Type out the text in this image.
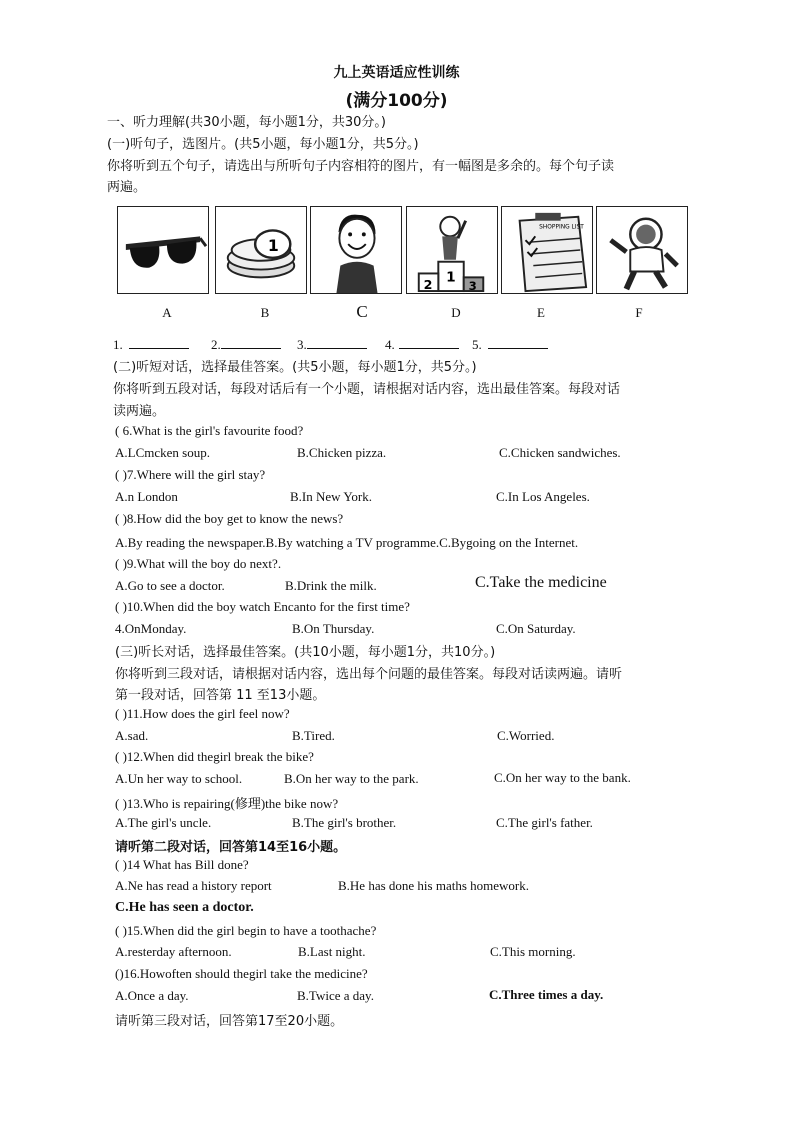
九上英语适应性训练
(满分100分)
一、听力理解(共30小题，每小题1分，共30分。)
(一)听句子，选图片。(共5小题，每小题1分，共5分。)
你将听到五个句子，请选出与所听句子内容相符的图片，有一幅图是多余的。每个句子读
两遍。
1
1
2	3
SHOPPING LIST
A	B	C	D	E	F
1.	2.	3.	4.	5.
(二)听短对话，选择最佳答案。(共5小题，每小题1分，共5分。)
你将听到五段对话，每段对话后有一个小题，请根据对话内容，选出最佳答案。每段对话
读两遍。
( 6.What is the girl's favourite food?
A.LCmcken soup.	B.Chicken pizza.	C.Chicken sandwiches.
( )7.Where will the girl stay?
A.n London	B.In New York.	C.In Los Angeles.
( )8.How did the boy get to know the news?
A.By reading the newspaper.B.By watching a TV programme.C.Bygoing on the Internet.
( )9.What will the boy do next?.
A.Go to see a doctor.	B.Drink the milk.	C.Take the medicine
( )10.When did the boy watch Encanto for the first time?
4.OnMonday.	B.On Thursday.	C.On Saturday.
(三)听长对话，选择最佳答案。(共10小题，每小题1分，共10分。)
你将听到三段对话，请根据对话内容，选出每个问题的最佳答案。每段对话读两遍。请听
第一段对话，回答第 11 至13小题。
( )11.How does the girl feel now?
A.sad.	B.Tired.	C.Worried.
( )12.When did thegirl break the bike?
A.Un her way to school.	B.On her way to the park.	C.On her way to the bank.
( )13.Who is repairing(修理)the bike now?
A.The girl's uncle.	B.The girl's brother.	C.The girl's father.
请听第二段对话，回答第14至16小题。
( )14 What has Bill done?
A.Ne has read a history report	B.He has done his maths homework.
C.He has seen a doctor.
( )15.When did the girl begin to have a toothache?
A.resterday afternoon.	B.Last night.	C.This morning.
()16.Howoften should thegirl take the medicine?
A.Once a day.	B.Twice a day.	C.Three times a day.
请听第三段对话，回答第17至20小题。
